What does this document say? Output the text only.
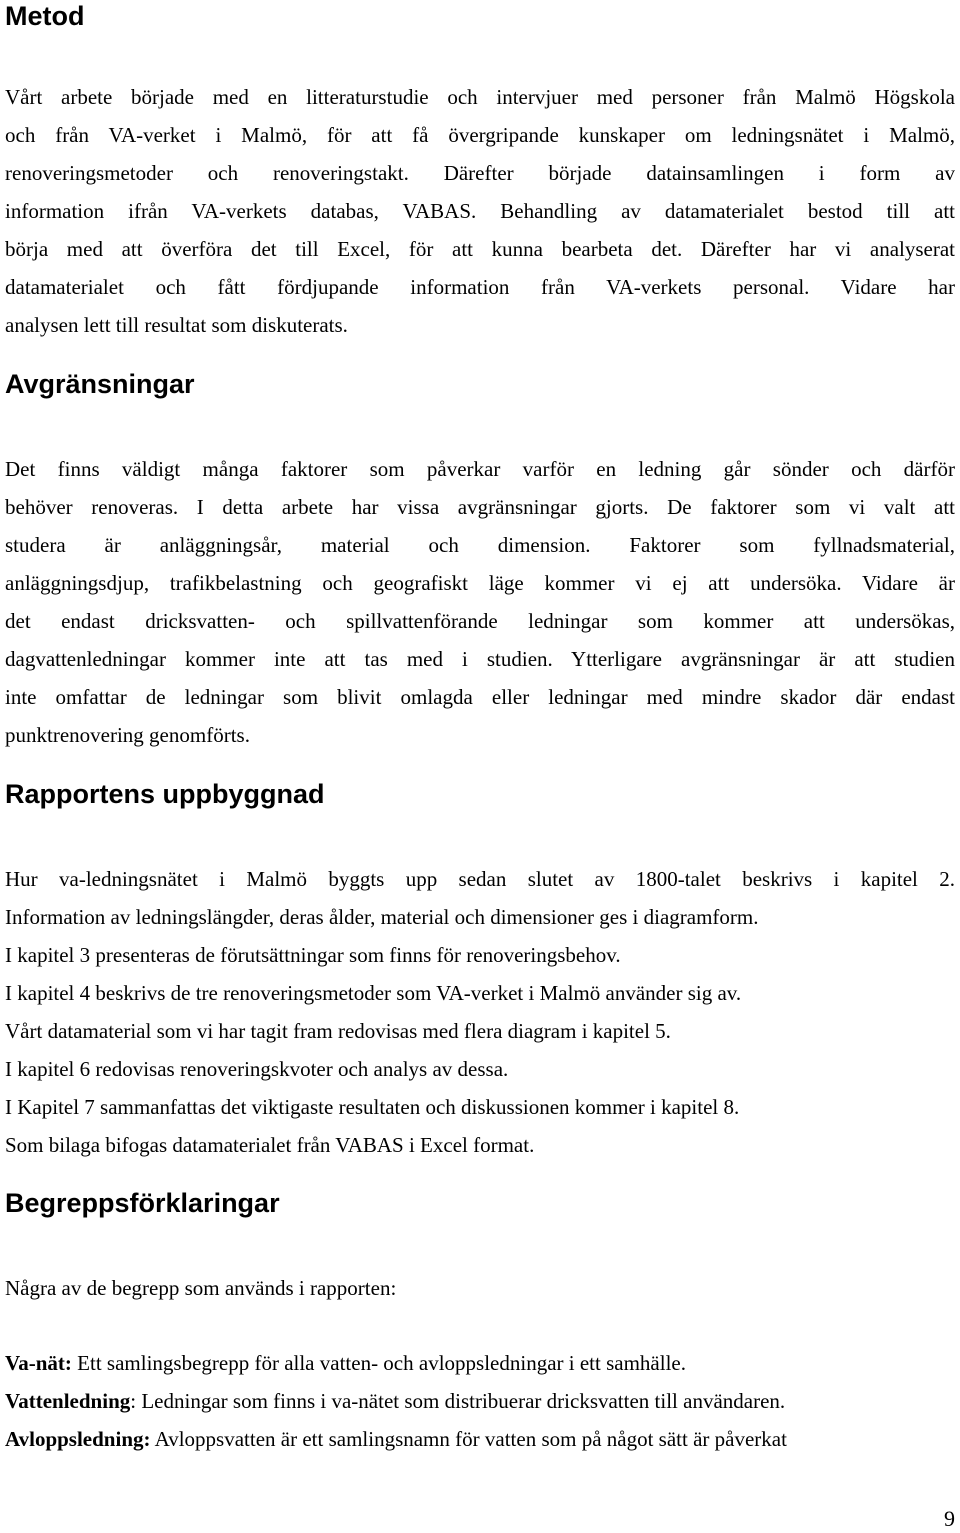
Metod
Vårt arbete började med en litteraturstudie och intervjuer med personer från Malmö Högskola
och från VA-verket i Malmö, för att få övergripande kunskaper om ledningsnätet i Malmö,
renoveringsmetoder och renoveringstakt. Därefter började datainsamlingen i form av
information ifrån VA-verkets databas, VABAS. Behandling av datamaterialet bestod till att
börja med att överföra det till Excel, för att kunna bearbeta det. Därefter har vi analyserat
datamaterialet och fått fördjupande information från VA-verkets personal. Vidare har
analysen lett till resultat som diskuterats.
Avgränsningar
Det finns väldigt många faktorer som påverkar varför en ledning går sönder och därför
behöver renoveras. I detta arbete har vissa avgränsningar gjorts. De faktorer som vi valt att
studera är anläggningsår, material och dimension. Faktorer som fyllnadsmaterial,
anläggningsdjup, trafikbelastning och geografiskt läge kommer vi ej att undersöka. Vidare är
det endast dricksvatten- och spillvattenförande ledningar som kommer att undersökas,
dagvattenledningar kommer inte att tas med i studien. Ytterligare avgränsningar är att studien
inte omfattar de ledningar som blivit omlagda eller ledningar med mindre skador där endast
punktrenovering genomförts.
Rapportens uppbyggnad
Hur va-ledningsnätet i Malmö byggts upp sedan slutet av 1800-talet beskrivs i kapitel 2.
Information av ledningslängder, deras ålder, material och dimensioner ges i diagramform.
I kapitel 3 presenteras de förutsättningar som finns för renoveringsbehov.
I kapitel 4 beskrivs de tre renoveringsmetoder som VA-verket i Malmö använder sig av.
Vårt datamaterial som vi har tagit fram redovisas med flera diagram i kapitel 5.
I kapitel 6 redovisas renoveringskvoter och analys av dessa.
I Kapitel 7 sammanfattas det viktigaste resultaten och diskussionen kommer i kapitel 8.
Som bilaga bifogas datamaterialet från VABAS i Excel format.
Begreppsförklaringar
Några av de begrepp som används i rapporten:
Va-nät: Ett samlingsbegrepp för alla vatten- och avloppsledningar i ett samhälle.
Vattenledning: Ledningar som finns i va-nätet som distribuerar dricksvatten till användaren.
Avloppsledning: Avloppsvatten är ett samlingsnamn för vatten som på något sätt är påverkat
9
